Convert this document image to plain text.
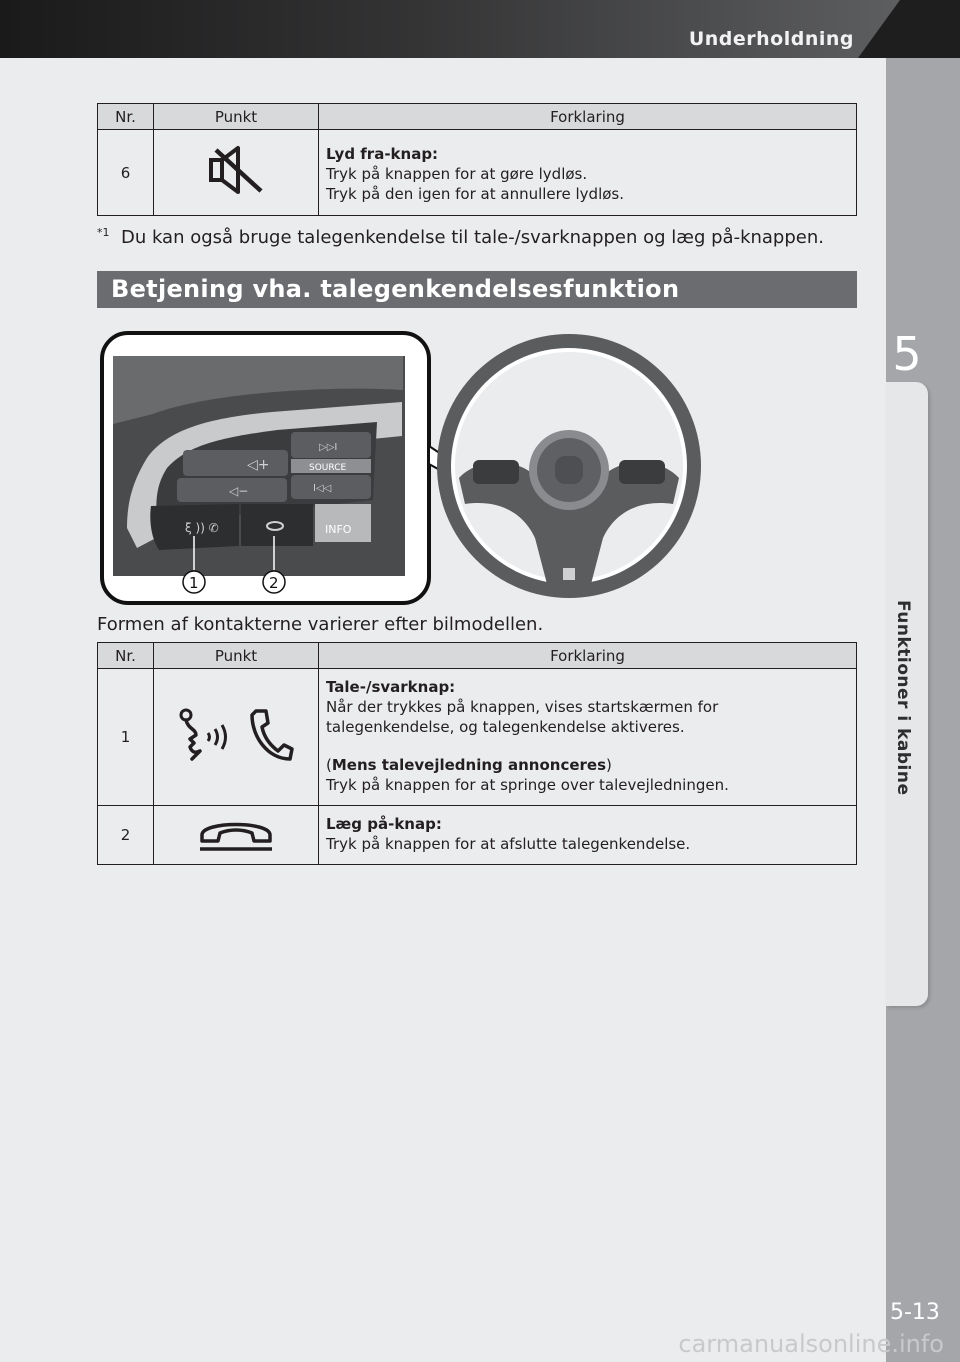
Underholdning
5
Funktioner i kabine
5-13
carmanualsonline.info
Nr.	Punkt	Forklaring
6		Lyd fra-knap:
Tryk på knappen for at gøre lydløs.
Tryk på den igen for at annullere lydløs.
$^{*1}$ Du kan også bruge talegenkendelse til tale-/svarknappen og læg på-knappen.
Betjening vha. talegenkendelsesfunktion
◁+
▷▷I
SOURCE
◁−	I◁◁
INFO
ξ )) ✆
1	2
Formen af kontakterne varierer efter bilmodellen.
Nr.	Punkt	Forklaring
1		Tale-/svarknap:
Når der trykkes på knappen, vises startskærmen for
talegenkendelse, og talegenkendelse aktiveres.
(Mens talevejledning annonceres)
Tryk på knappen for at springe over talevejledningen.

2		Læg på-knap:
Tryk på knappen for at afslutte talegenkendelse.
